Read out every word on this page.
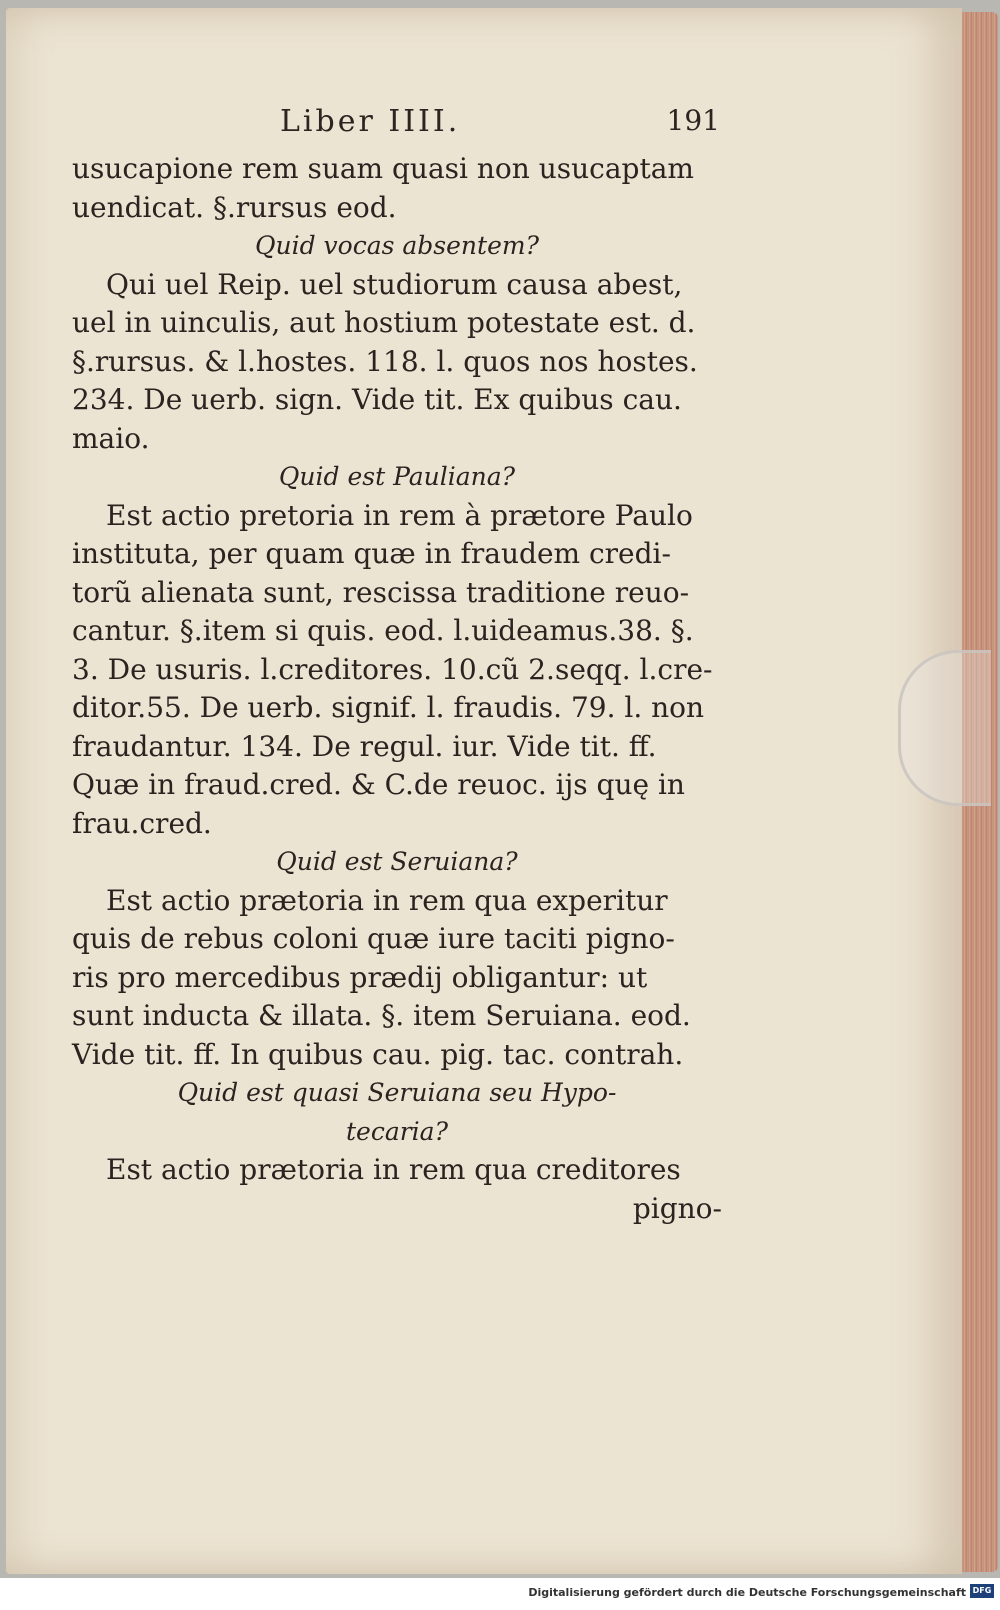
Liber IIII.	191
usucapione rem suam quasi non usucaptam
uendicat. §.rursus eod.
Quid vocas absentem?
Qui uel Reip. uel studiorum causa abest,
uel in uinculis, aut hostium potestate est. d.
§.rursus. & l.hostes. 118. l. quos nos hostes.
234. De uerb. sign. Vide tit. Ex quibus cau.
maio.
Quid est Pauliana?
Est actio pretoria in rem à prætore Paulo
instituta, per quam quæ in fraudem credi-
torũ alienata sunt, rescissa traditione reuo-
cantur. §.item si quis. eod. l.uideamus.38. §.
3. De usuris. l.creditores. 10.cũ 2.seqq. l.cre-
ditor.55. De uerb. signif. l. fraudis. 79. l. non
fraudantur. 134. De regul. iur. Vide tit. ff.
Quæ in fraud.cred. & C.de reuoc. ijs quę in
frau.cred.
Quid est Seruiana?
Est actio prætoria in rem qua experitur
quis de rebus coloni quæ iure taciti pigno-
ris pro mercedibus prædij obligantur: ut
sunt inducta & illata. §. item Seruiana. eod.
Vide tit. ff. In quibus cau. pig. tac. contrah.
Quid est quasi Seruiana seu Hypo-
tecaria?
Est actio prætoria in rem qua creditores
pigno-
Digitalisierung gefördert durch die Deutsche Forschungsgemeinschaft DFG
